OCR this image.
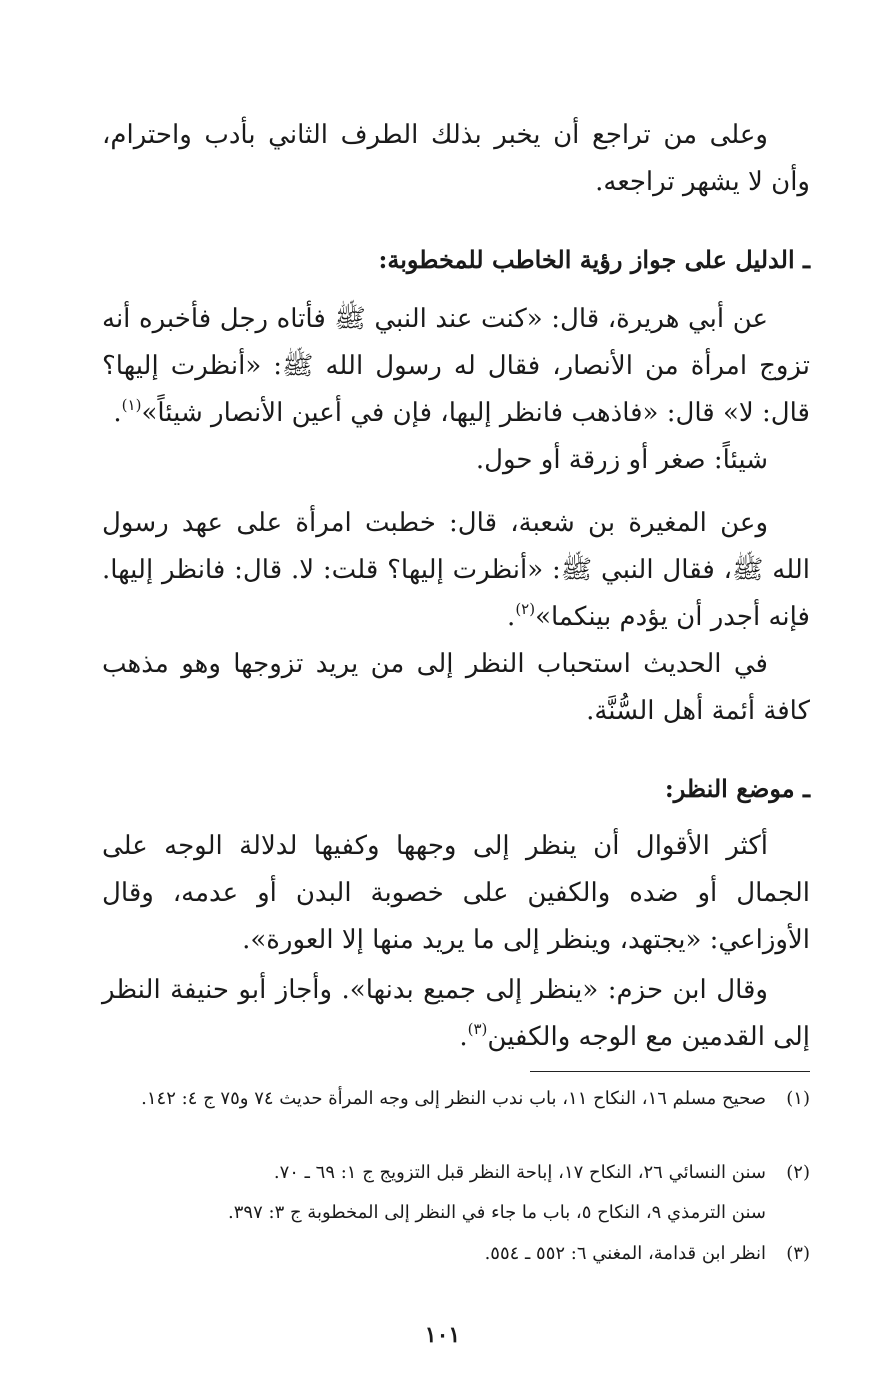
وعلى من تراجع أن يخبر بذلك الطرف الثاني بأدب واحترام، وأن لا يشهر تراجعه.
ـ الدليل على جواز رؤية الخاطب للمخطوبة:
عن أبي هريرة، قال: «كنت عند النبي ﷺ فأتاه رجل فأخبره أنه تزوج امرأة من الأنصار، فقال له رسول الله ﷺ: «أنظرت إليها؟ قال: لا» قال: «فاذهب فانظر إليها، فإن في أعين الأنصار شيئاً»$^{(١)}$.
شيئاً: صغر أو زرقة أو حول.
وعن المغيرة بن شعبة، قال: خطبت امرأة على عهد رسول الله ﷺ، فقال النبي ﷺ: «أنظرت إليها؟ قلت: لا. قال: فانظر إليها. فإنه أجدر أن يؤدم بينكما»$^{(٢)}$.
في الحديث استحباب النظر إلى من يريد تزوجها وهو مذهب كافة أئمة أهل السُّنَّة.
ـ موضع النظر:
أكثر الأقوال أن ينظر إلى وجهها وكفيها لدلالة الوجه على الجمال أو ضده والكفين على خصوبة البدن أو عدمه، وقال الأوزاعي: «يجتهد، وينظر إلى ما يريد منها إلا العورة».
وقال ابن حزم: «ينظر إلى جميع بدنها». وأجاز أبو حنيفة النظر إلى القدمين مع الوجه والكفين$^{(٣)}$.
(١)صحيح مسلم ١٦، النكاح ١١، باب ندب النظر إلى وجه المرأة حديث ٧٤ و٧٥ ج ٤: ١٤٢.
(٢)سنن النسائي ٢٦، النكاح ١٧، إباحة النظر قبل التزويج ج ١: ٦٩ ـ ٧٠.
سنن الترمذي ٩، النكاح ٥، باب ما جاء في النظر إلى المخطوبة ج ٣: ٣٩٧.
(٣)انظر ابن قدامة، المغني ٦: ٥٥٢ ـ ٥٥٤.
١٠١
